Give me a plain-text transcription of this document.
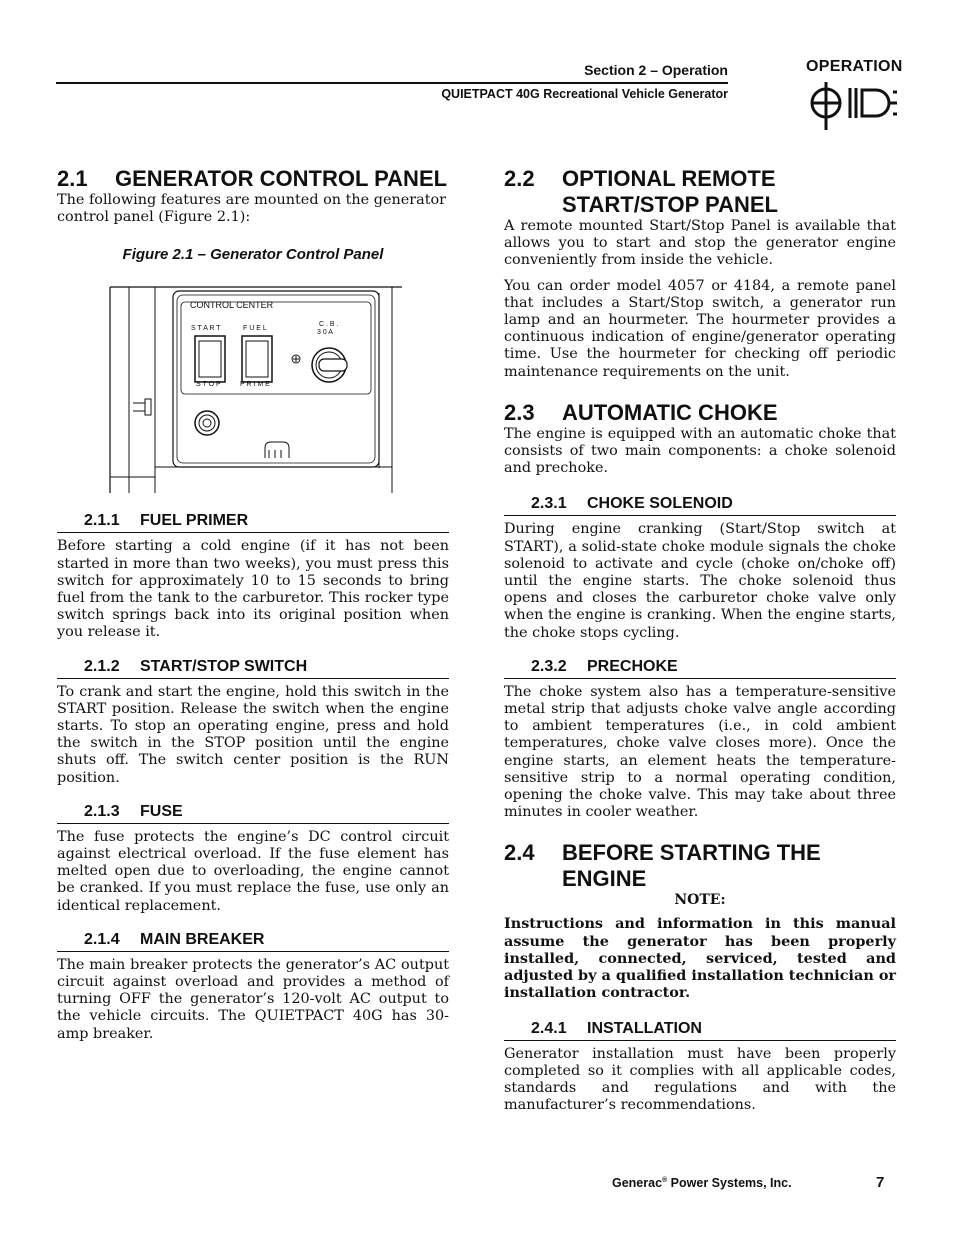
Section 2 – Operation
QUIETPACT 40G Recreational Vehicle Generator
OPERATION
2.1	GENERATOR CONTROL PANEL

The following features are mounted on the generator control panel (Figure 2.1):

Figure 2.1 – Generator Control Panel
CONTROL CENTER
S T A R T	F U E L
C . B .
3 0 A
S T O P	P R I M E
2.1.1 FUEL PRIMER

Before starting a cold engine (if it has not been started in more than two weeks), you must press this switch for approximately 10 to 15 seconds to bring fuel from the tank to the carburetor. This rocker type switch springs back into its original position when you release it.

2.1.2 START/STOP SWITCH

To crank and start the engine, hold this switch in the START position. Release the switch when the engine starts. To stop an operating engine, press and hold the switch in the STOP position until the engine shuts off. The switch center position is the RUN position.

2.1.3 FUSE

The fuse protects the engine’s DC control circuit against electrical overload. If the fuse element has melted open due to overloading, the engine cannot be cranked. If you must replace the fuse, use only an identical replacement.

2.1.4 MAIN BREAKER

The main breaker protects the generator’s AC output circuit against overload and provides a method of turning OFF the generator’s 120-volt AC output to the vehicle circuits. The QUIETPACT 40G has 30-amp breaker.

2.2	OPTIONAL REMOTE
START/STOP PANEL

A remote mounted Start/Stop Panel is available that allows you to start and stop the generator engine conveniently from inside the vehicle.

You can order model 4057 or 4184, a remote panel that includes a Start/Stop switch, a generator run lamp and an hourmeter. The hourmeter provides a continuous indication of engine/generator operating time. Use the hourmeter for checking off periodic maintenance requirements on the unit.

2.3	AUTOMATIC CHOKE

The engine is equipped with an automatic choke that consists of two main components: a choke solenoid and prechoke.

2.3.1 CHOKE SOLENOID

During engine cranking (Start/Stop switch at START), a solid-state choke module signals the choke solenoid to activate and cycle (choke on/choke off) until the engine starts. The choke solenoid thus opens and closes the carburetor choke valve only when the engine is cranking. When the engine starts, the choke stops cycling.

2.3.2 PRECHOKE

The choke system also has a temperature-sensitive metal strip that adjusts choke valve angle according to ambient temperatures (i.e., in cold ambient temperatures, choke valve closes more). Once the engine starts, an element heats the temperature-sensitive strip to a normal operating condition, opening the choke valve. This may take about three minutes in cooler weather.

2.4	BEFORE STARTING THE ENGINE
NOTE:

Instructions and information in this manual assume the generator has been properly installed, connected, serviced, tested and adjusted by a qualified installation technician or installation contractor.

2.4.1 INSTALLATION

Generator installation must have been properly completed so it complies with all applicable codes, standards and regulations and with the manufacturer’s recommendations.

Generac® Power Systems, Inc.	7
